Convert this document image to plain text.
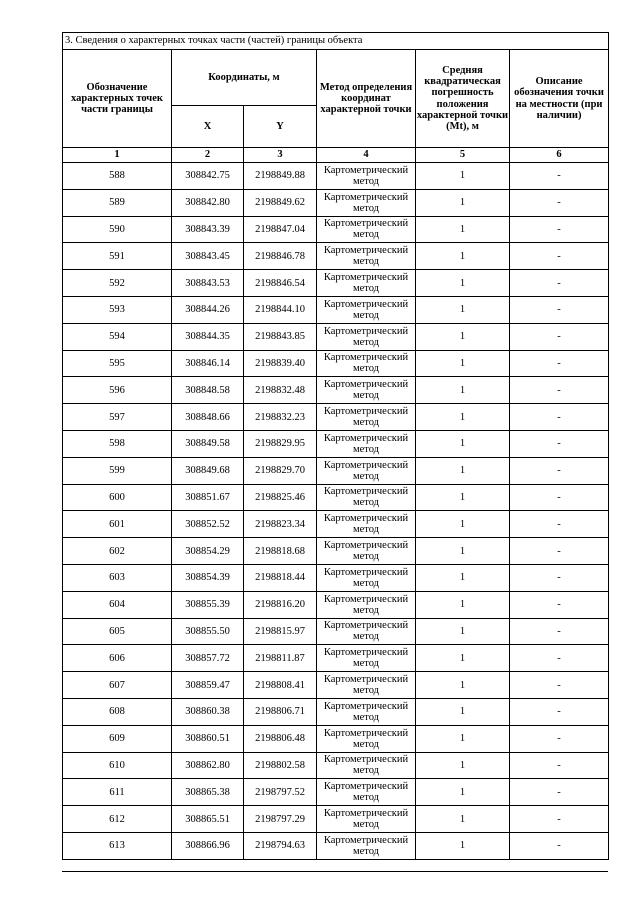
3. Сведения о характерных точках части (частей) границы объекта					
Обозначение характерных точек части границы	Координаты, м		Метод определения координат характерной точки	Средняя квадратическая погрешность положения характерной точки (Mt), м	Описание обозначения точки на местности (при наличии)
	X	Y			
1	2	3	4	5	6
588	308842.75	2198849.88	Картометрический метод	1	-
589	308842.80	2198849.62	Картометрический метод	1	-
590	308843.39	2198847.04	Картометрический метод	1	-
591	308843.45	2198846.78	Картометрический метод	1	-
592	308843.53	2198846.54	Картометрический метод	1	-
593	308844.26	2198844.10	Картометрический метод	1	-
594	308844.35	2198843.85	Картометрический метод	1	-
595	308846.14	2198839.40	Картометрический метод	1	-
596	308848.58	2198832.48	Картометрический метод	1	-
597	308848.66	2198832.23	Картометрический метод	1	-
598	308849.58	2198829.95	Картометрический метод	1	-
599	308849.68	2198829.70	Картометрический метод	1	-
600	308851.67	2198825.46	Картометрический метод	1	-
601	308852.52	2198823.34	Картометрический метод	1	-
602	308854.29	2198818.68	Картометрический метод	1	-
603	308854.39	2198818.44	Картометрический метод	1	-
604	308855.39	2198816.20	Картометрический метод	1	-
605	308855.50	2198815.97	Картометрический метод	1	-
606	308857.72	2198811.87	Картометрический метод	1	-
607	308859.47	2198808.41	Картометрический метод	1	-
608	308860.38	2198806.71	Картометрический метод	1	-
609	308860.51	2198806.48	Картометрический метод	1	-
610	308862.80	2198802.58	Картометрический метод	1	-
611	308865.38	2198797.52	Картометрический метод	1	-
612	308865.51	2198797.29	Картометрический метод	1	-
613	308866.96	2198794.63	Картометрический метод	1	-
